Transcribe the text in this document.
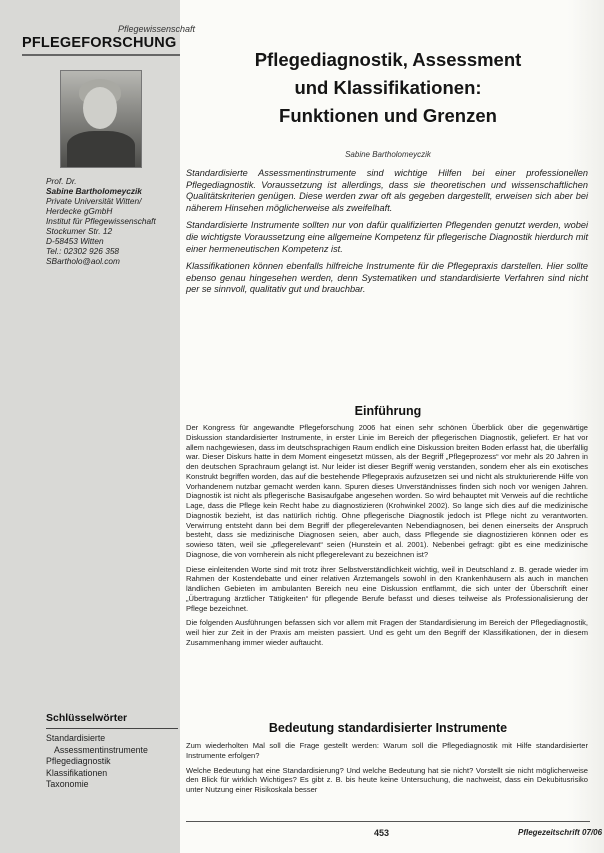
Pflegewissenschaft
PFLEGEFORSCHUNG
Prof. Dr.
Sabine Bartholomeyczik
Private Universität Witten/
Herdecke gGmbH
Institut für Pflegewissenschaft
Stockumer Str. 12
D-58453 Witten
Tel.: 02302 926 358
SBartholo@aol.com
Schlüsselwörter
Standardisierte
Assessmentinstrumente
Pflegediagnostik
Klassifikationen
Taxonomie
Pflegediagnostik, Assessment
und Klassifikationen:
Funktionen und Grenzen
Sabine Bartholomeyczik

Standardisierte Assessmentinstrumente sind wichtige Hilfen bei einer professionellen Pflegediagnostik. Voraussetzung ist allerdings, dass sie theoretischen und wissenschaftlichen Qualitätskriterien genügen. Diese werden zwar oft als gegeben dargestellt, erweisen sich aber bei näherem Hinsehen möglicherweise als zweifelhaft.

Standardisierte Instrumente sollten nur von dafür qualifizierten Pflegenden genutzt werden, wobei die wichtigste Voraussetzung eine allgemeine Kompetenz für pflegerische Diagnostik hierdurch mit einer hermeneutischen Kompetenz ist.

Klassifikationen können ebenfalls hilfreiche Instrumente für die Pflegepraxis darstellen. Hier sollte ebenso genau hingesehen werden, denn Systematiken und standardisierte Verfahren sind nicht per se sinnvoll, qualitativ gut und brauchbar.

Einführung

Der Kongress für angewandte Pflegeforschung 2006 hat einen sehr schönen Überblick über die gegenwärtige Diskussion standardisierter Instrumente, in erster Linie im Bereich der pflegerischen Diagnostik, geliefert. Er hat vor allem nachgewiesen, dass im deutschsprachigen Raum endlich eine Diskussion breiten Boden erfasst hat, die überfällig war. Dieser Diskurs hatte in dem Moment eingesetzt müssen, als der Begriff „Pflegeprozess“ vor mehr als 20 Jahren in den deutschen Sprachraum gelangt ist. Nur leider ist dieser Begriff wenig verstanden, sondern eher als ein exotisches Konstrukt begriffen worden, das auf die bestehende Pflegepraxis aufzusetzen sei und nicht als strukturierende Hilfe von Vorhandenem nutzbar gemacht werden kann. Spuren dieses Unverständnisses finden sich noch vor wenigen Jahren. Diagnostik ist nicht als pflegerische Basisaufgabe angesehen worden. So wird behauptet mit Verweis auf die rechtliche Lage, dass die Pflege kein Recht habe zu diagnostizieren (Krohwinkel 2002). So lange sich dies auf die medizinische Diagnostik bezieht, ist das natürlich richtig. Ohne pflegerische Diagnostik jedoch ist Pflege nicht zu verantworten. Verwirrung entsteht dann bei dem Begriff der pflegerelevanten Nebendiagnosen, bei denen einerseits der Anspruch besteht, dass sie medizinische Diagnosen seien, aber auch, dass Pflegende sie diagnostizieren können oder es sowieso täten, weil sie „pflegerelevant“ seien (Hunstein et al. 2001). Nebenbei gefragt: gibt es eine medizinische Diagnose, die von vornherein als nicht pflegerelevant zu bezeichnen ist?

Diese einleitenden Worte sind mit trotz ihrer Selbstverständlichkeit wichtig, weil in Deutschland z. B. gerade wieder im Rahmen der Kostendebatte und einer relativen Ärztemangels sowohl in den Krankenhäusern als auch in manchen ländlichen Gebieten im ambulanten Bereich neu eine Diskussion entflammt, die sich unter der Überschrift einer „Übertragung ärztlicher Tätigkeiten“ für pflegende Berufe befasst und dieses teilweise als Professionalisierung der Pflege bezeichnet.

Die folgenden Ausführungen befassen sich vor allem mit Fragen der Standardisierung im Bereich der Pflegediagnostik, weil hier zur Zeit in der Praxis am meisten passiert. Und es geht um den Begriff der Klassifikationen, der in diesem Zusammenhang immer wieder auftaucht.

Bedeutung standardisierter Instrumente

Zum wiederholten Mal soll die Frage gestellt werden: Warum soll die Pflegediagnostik mit Hilfe standardisierter Instrumente erfolgen?

Welche Bedeutung hat eine Standardisierung? Und welche Bedeutung hat sie nicht? Vorstellt sie nicht möglicherweise den Blick für wirklich Wichtiges? Es gibt z. B. bis heute keine Untersuchung, die nachweist, dass ein Dekubitusrisiko unter Nutzung einer Risikoskala besser

453	Pflegezeitschrift 07/06
